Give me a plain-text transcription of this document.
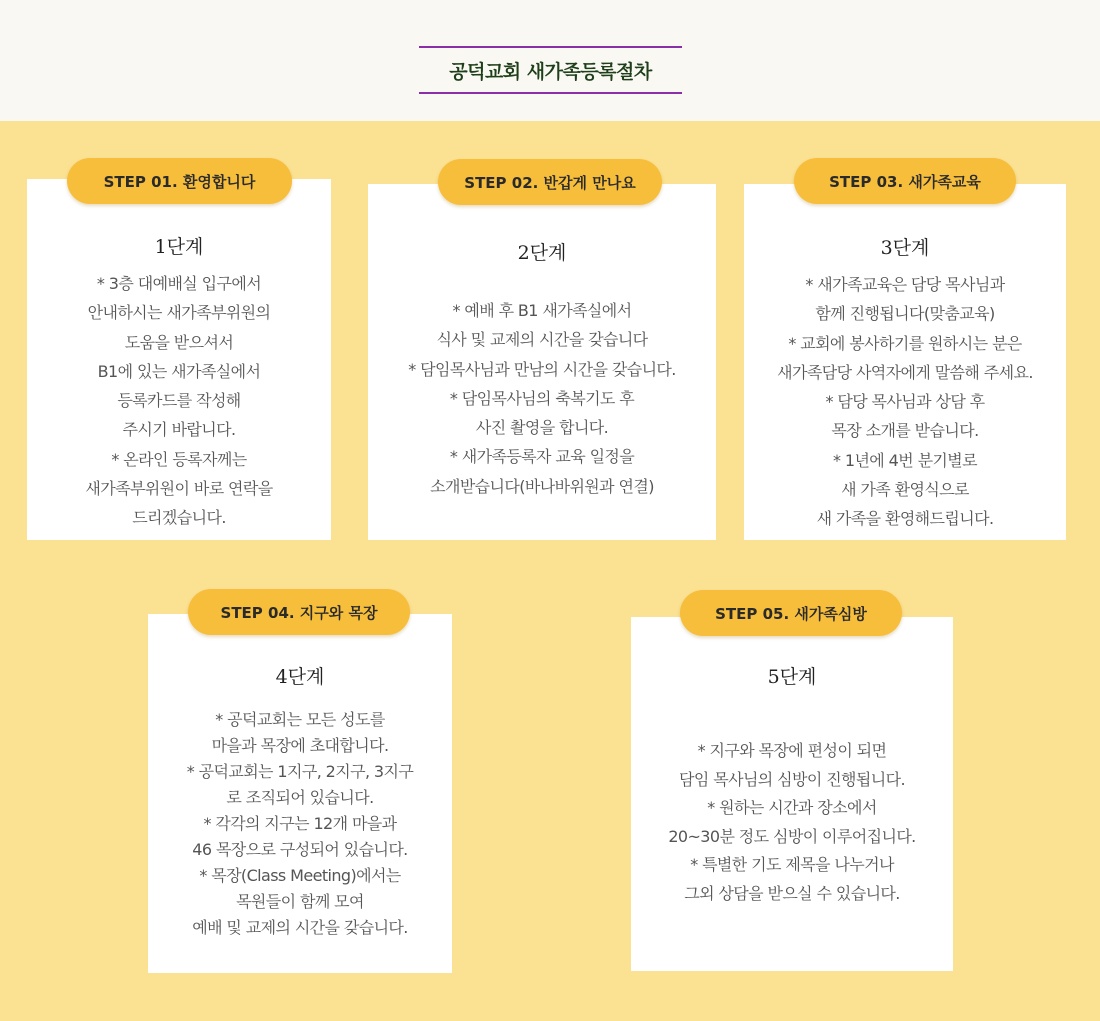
공덕교회 새가족등록절차
1단계
* 3층 대예배실 입구에서
안내하시는 새가족부위원의
도움을 받으셔서
B1에 있는 새가족실에서
등록카드를 작성해
주시기 바랍니다.
* 온라인 등록자께는
새가족부위원이 바로 연락을
드리겠습니다.
STEP 01. 환영합니다
2단계
* 예배 후 B1 새가족실에서
식사 및 교제의 시간을 갖습니다
* 담임목사님과 만남의 시간을 갖습니다.
* 담임목사님의 축복기도 후
사진 촬영을 합니다.
* 새가족등록자 교육 일정을
소개받습니다(바나바위원과 연결)
STEP 02. 반갑게 만나요
3단계
* 새가족교육은 담당 목사님과
함께 진행됩니다(맞춤교육)
* 교회에 봉사하기를 원하시는 분은
새가족담당 사역자에게 말씀해 주세요.
* 담당 목사님과 상담 후
목장 소개를 받습니다.
* 1년에 4번 분기별로
새 가족 환영식으로
새 가족을 환영해드립니다.
STEP 03. 새가족교육
4단계
* 공덕교회는 모든 성도를
마을과 목장에 초대합니다.
* 공덕교회는 1지구, 2지구, 3지구
로 조직되어 있습니다.
* 각각의 지구는 12개 마을과
46 목장으로 구성되어 있습니다.
* 목장(Class Meeting)에서는
목원들이 함께 모여
예배 및 교제의 시간을 갖습니다.
STEP 04. 지구와 목장
5단계
* 지구와 목장에 편성이 되면
담임 목사님의 심방이 진행됩니다.
* 원하는 시간과 장소에서
20~30분 정도 심방이 이루어집니다.
* 특별한 기도 제목을 나누거나
그외 상담을 받으실 수 있습니다.
STEP 05. 새가족심방
